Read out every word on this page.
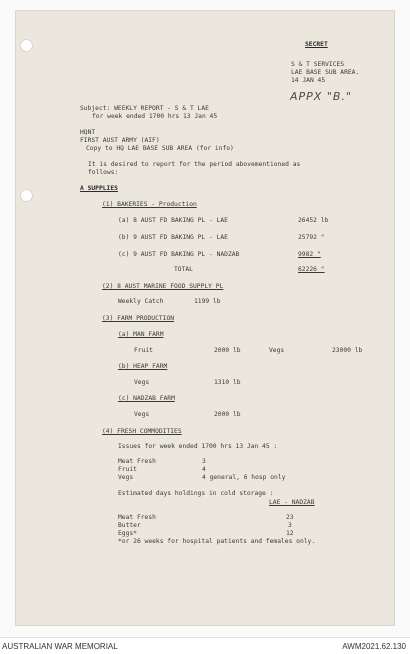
SECRET

S & T SERVICES

LAE BASE SUB AREA.

14 JAN 45

APPX "B."

Subject: WEEKLY REPORT - S & T LAE

for week ended 1700 hrs 13 Jan 45

HQNT

FIRST AUST ARMY (AIF)

Copy to HQ LAE BASE SUB AREA (for info)

It is desired to report for the period abovementioned as

follows:

A SUPPLIES

(1) BAKERIES - Production

(a) 8 AUST FD BAKING PL - LAE	26452 lb

(b) 9 AUST FD BAKING PL - LAE	25792 "

(c) 9 AUST FD BAKING PL - NADZAB	9982 "

TOTAL	62226 "

(2) 8 AUST MARINE FOOD SUPPLY PL

Weekly Catch	1199 lb

(3) FARM PRODUCTION

(a) MAN FARM

Fruit	2000 lb	Vegs	23000 lb

(b) HEAP FARM

Vegs	1310 lb

(c) NADZAB FARM

Vegs	2000 lb

(4) FRESH COMMODITIES

Issues for week ended 1700 hrs 13 Jan 45 :

Meat Fresh	3

Fruit	4

Vegs	4 general, 6 hosp only

Estimated days holdings in cold storage :

LAE - NADZAB

Meat Fresh	23

Butter	3

Eggs*	12

*or 26 weeks for hospital patients and females only.

AUSTRALIAN WAR MEMORIAL	AWM2021.62.130
